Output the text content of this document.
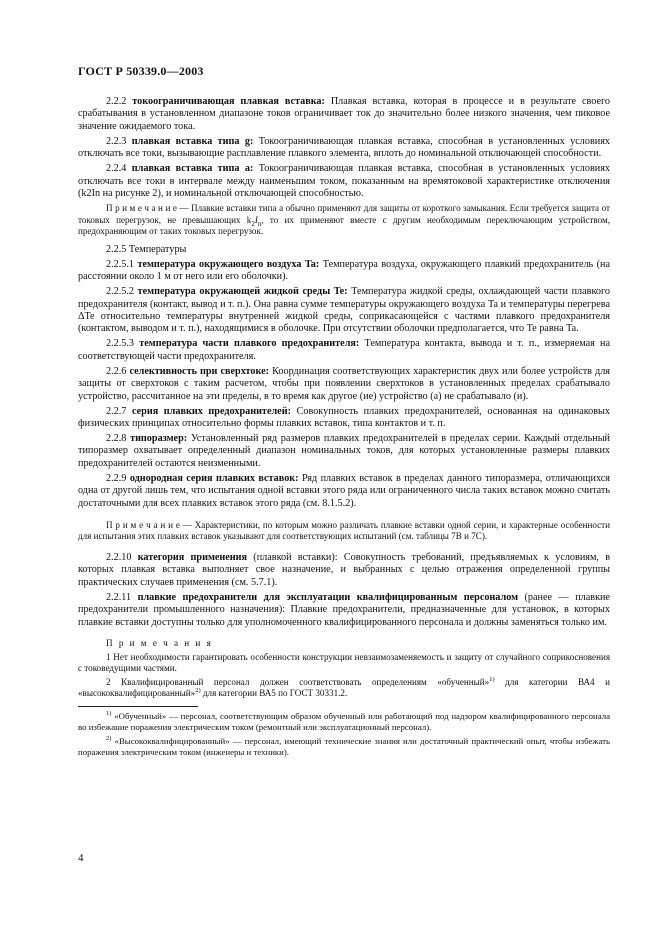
ГОСТ Р 50339.0—2003
2.2.2 токоограничивающая плавкая вставка: Плавкая вставка, которая в процессе и в результате своего срабатывания в установленном диапазоне токов ограничивает ток до значительно более низкого значения, чем пиковое значение ожидаемого тока.
2.2.3 плавкая вставка типа g: Токоограничивающая плавкая вставка, способная в установленных условиях отключать все токи, вызывающие расплавление плавкого элемента, вплоть до номинальной отключающей способности.
2.2.4 плавкая вставка типа a: Токоограничивающая плавкая вставка, способная в установленных условиях отключать все токи в интервале между наименьшим током, показанным на времятоковой характеристике отключения (k2In на рисунке 2), и номинальной отключающей способностью.
П р и м е ч а н и е — Плавкие вставки типа a обычно применяют для защиты от короткого замыкания. Если требуется защита от токовых перегрузок, не превышающих $k_2I_n$, то их применяют вместе с другим необходимым переключающим устройством, предохраняющим от таких токовых перегрузок.
2.2.5 Температуры
2.2.5.1 температура окружающего воздуха Ta: Температура воздуха, окружающего плавкий предохранитель (на расстоянии около 1 м от него или его оболочки).
2.2.5.2 температура окружающей жидкой среды Te: Температура жидкой среды, охлаждающей части плавкого предохранителя (контакт, вывод и т. п.). Она равна сумме температуры окружающего воздуха Ta и температуры перегрева ΔTe относительно температуры внутренней жидкой среды, соприкасающейся с частями плавкого предохранителя (контактом, выводом и т. п.), находящимися в оболочке. При отсутствии оболочки предполагается, что Te равна Ta.
2.2.5.3 температура части плавкого предохранителя: Температура контакта, вывода и т. п., измеряемая на соответствующей части предохранителя.
2.2.6 селективность при сверхтоке: Координация соответствующих характеристик двух или более устройств для защиты от сверхтоков с таким расчетом, чтобы при появлении сверхтоков в установленных пределах срабатывало устройство, рассчитанное на эти пределы, в то время как другое (ие) устройство (а) не срабатывало (и).
2.2.7 серия плавких предохранителей: Совокупность плавких предохранителей, основанная на одинаковых физических принципах относительно формы плавких вставок, типа контактов и т. п.
2.2.8 типоразмер: Установленный ряд размеров плавких предохранителей в пределах серии. Каждый отдельный типоразмер охватывает определенный диапазон номинальных токов, для которых установленные размеры плавких предохранителей остаются неизменными.
2.2.9 однородная серия плавких вставок: Ряд плавких вставок в пределах данного типоразмера, отличающихся одна от другой лишь тем, что испытания одной вставки этого ряда или ограниченного числа таких вставок можно считать достаточными для всех плавких вставок этого ряда (см. 8.1.5.2).
П р и м е ч а н и е — Характеристики, по которым можно различать плавкие вставки одной серии, и характерные особенности для испытания этих плавких вставок указывают для соответствующих испытаний (см. таблицы 7В и 7С).
2.2.10 категория применения (плавкой вставки): Совокупность требований, предъявляемых к условиям, в которых плавкая вставка выполняет свое назначение, и выбранных с целью отражения определенной группы практических случаев применения (см. 5.7.1).
2.2.11 плавкие предохранители для эксплуатации квалифицированным персоналом (ранее — плавкие предохранители промышленного назначения): Плавкие предохранители, предназначенные для установок, в которых плавкие вставки доступны только для уполномоченного квалифицированного персонала и должны заменяться только им.
П р и м е ч а н и я
1 Нет необходимости гарантировать особенности конструкции невзаимозаменяемость и защиту от случайного соприкосновения с токоведущими частями.
2 Квалифицированный персонал должен соответствовать определениям «обученный»$^{1)}$ для категории ВА4 и «высококвалифицированный»$^{2)}$ для категории ВА5 по ГОСТ 30331.2.
$^{1)}$ «Обученный» — персонал, соответствующим образом обученный или работающий под надзором квалифицированного персонала во избежание поражения электрическим током (ремонтный или эксплуатационный персонал).
$^{2)}$ «Высококвалифицированный» — персонал, имеющий технические знания или достаточный практический опыт, чтобы избежать поражения электрическим током (инженеры и техники).
4
